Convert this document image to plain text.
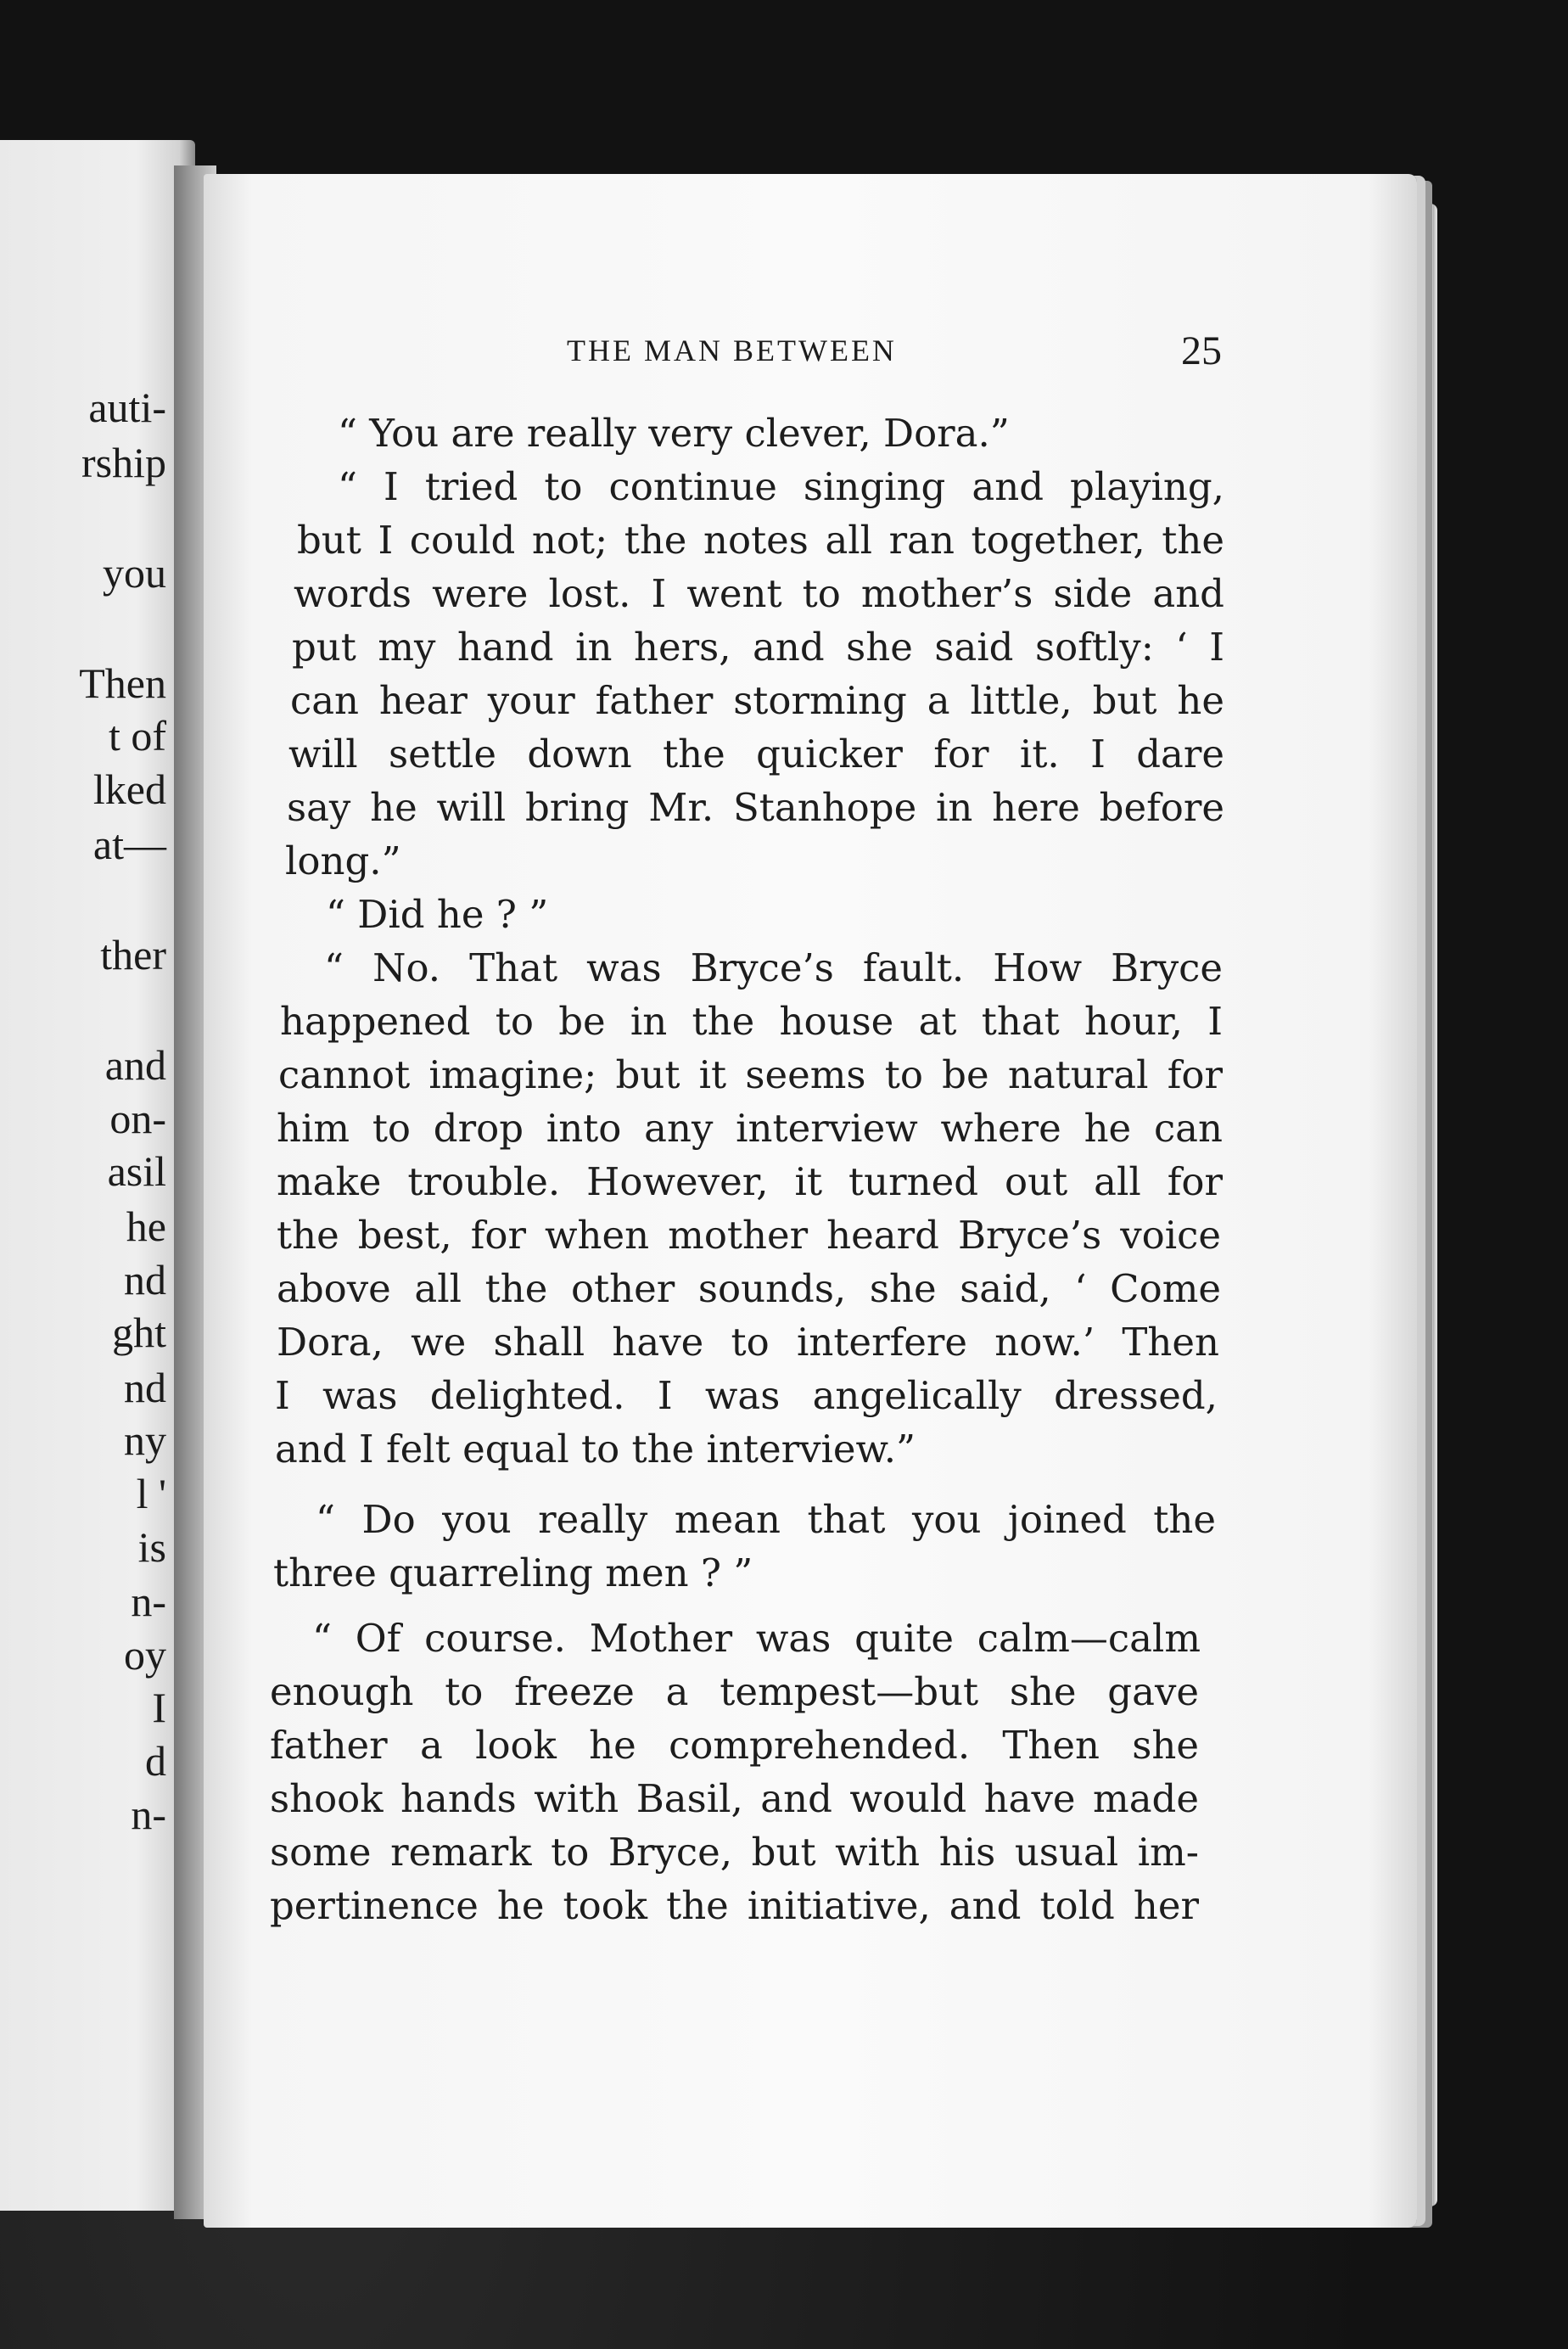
auti-
rship
you
Then
t of
lked
at—
ther
and
on-
asil
he
nd
ght
nd
ny
l '
is
n-
oy
I
d
n-
THE MAN BETWEEN	25
“ You are really very clever, Dora.”
“ I tried to continue singing and playing,
but I could not; the notes all ran together, the
words were lost. I went to mother’s side and
put my hand in hers, and she said softly: ‘ I
can hear your father storming a little, but he
will settle down the quicker for it. I dare
say he will bring Mr. Stanhope in here before
long.”
“ Did he ? ”
“ No. That was Bryce’s fault. How Bryce
happened to be in the house at that hour, I
cannot imagine; but it seems to be natural for
him to drop into any interview where he can
make trouble. However, it turned out all for
the best, for when mother heard Bryce’s voice
above all the other sounds, she said, ‘ Come
Dora, we shall have to interfere now.’ Then
I was delighted. I was angelically dressed,
and I felt equal to the interview.”
“ Do you really mean that you joined the
three quarreling men ? ”
“ Of course. Mother was quite calm—calm
enough to freeze a tempest—but she gave
father a look he comprehended. Then she
shook hands with Basil, and would have made
some remark to Bryce, but with his usual im-
pertinence he took the initiative, and told her
